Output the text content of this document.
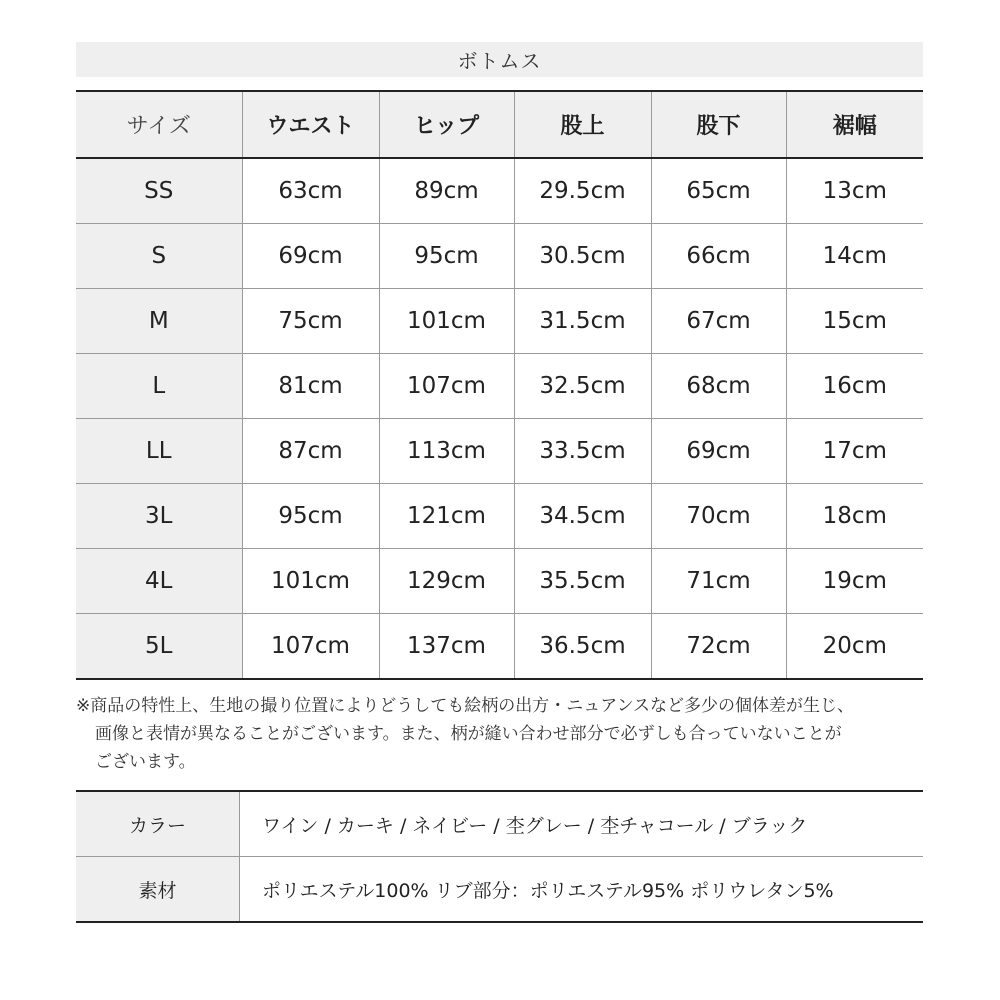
ボトムス
サイズ	ウエスト	ヒップ	股上	股下	裾幅
SS	63cm	89cm	29.5cm	65cm	13cm
S	69cm	95cm	30.5cm	66cm	14cm
M	75cm	101cm	31.5cm	67cm	15cm
L	81cm	107cm	32.5cm	68cm	16cm
LL	87cm	113cm	33.5cm	69cm	17cm
3L	95cm	121cm	34.5cm	70cm	18cm
4L	101cm	129cm	35.5cm	71cm	19cm
5L	107cm	137cm	36.5cm	72cm	20cm
※商品の特性上、生地の撮り位置によりどうしても絵柄の出方・ニュアンスなど多少の個体差が生じ、
画像と表情が異なることがございます。また、柄が縫い合わせ部分で必ずしも合っていないことが
ございます。
カラー	ワイン / カーキ / ネイビー / 杢グレー / 杢チャコール / ブラック
素材	ポリエステル100% リブ部分：ポリエステル95% ポリウレタン5%
